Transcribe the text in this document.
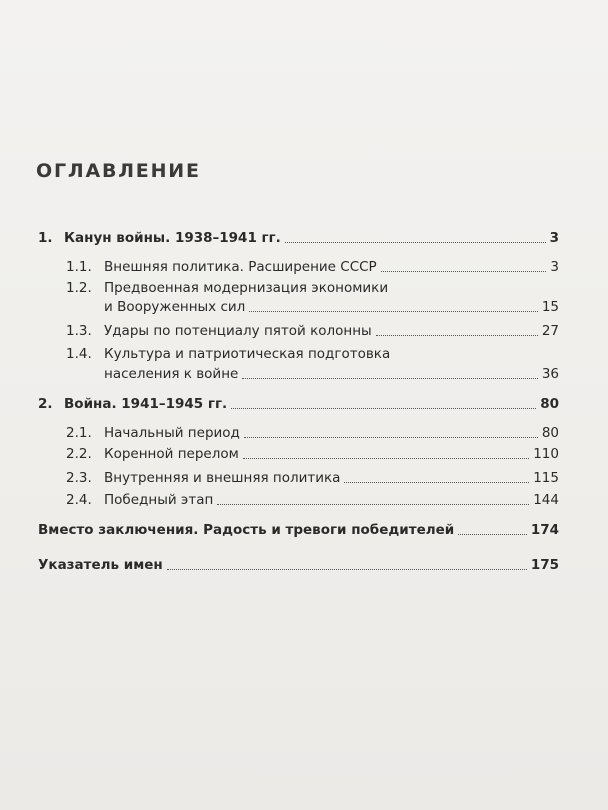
ОГЛАВЛЕНИЕ
1. Канун войны. 1938–1941 гг.	3
1.1. Внешняя политика. Расширение СССР	3
1.2. Предвоенная модернизация экономики
и Вооруженных сил	15
1.3. Удары по потенциалу пятой колонны	27
1.4. Культура и патриотическая подготовка
населения к войне	36
2. Война. 1941–1945 гг.	80
2.1. Начальный период	80
2.2. Коренной перелом	110
2.3. Внутренняя и внешняя политика	115
2.4. Победный этап	144
Вместо заключения. Радость и тревоги победителей	174
Указатель имен	175
